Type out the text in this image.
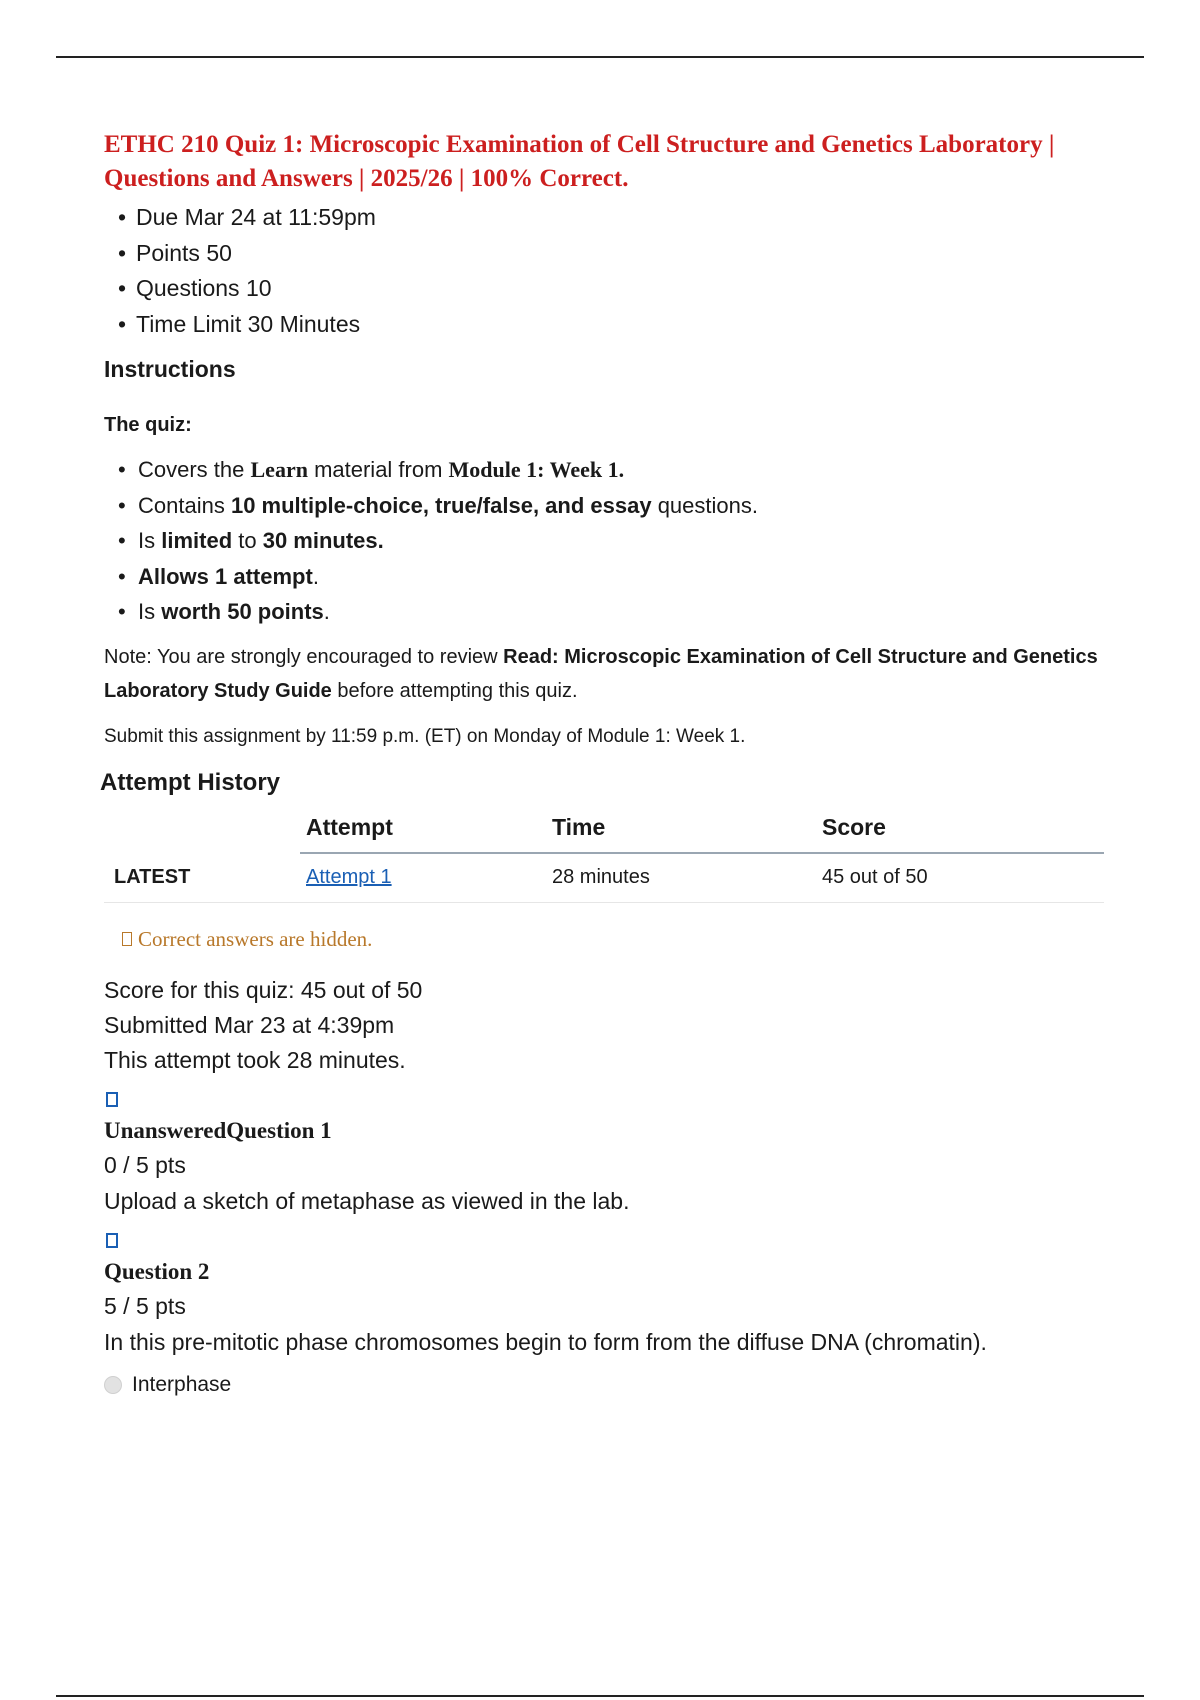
ETHC 210 Quiz 1: Microscopic Examination of Cell Structure and Genetics Laboratory | Questions and Answers | 2025/26 | 100% Correct.
• Due Mar 24 at 11:59pm
• Points 50
• Questions 10
• Time Limit 30 Minutes
Instructions
The quiz:
• Covers the Learn material from Module 1: Week 1.
• Contains 10 multiple-choice, true/false, and essay questions.
• Is limited to 30 minutes.
• Allows 1 attempt.
• Is worth 50 points.

Note: You are strongly encouraged to review Read: Microscopic Examination of Cell Structure and Genetics Laboratory Study Guide before attempting this quiz.

Submit this assignment by 11:59 p.m. (ET) on Monday of Module 1: Week 1.

Attempt History
	Attempt	Time	Score
LATEST	Attempt 1	28 minutes	45 out of 50
Correct answers are hidden.
Score for this quiz: 45 out of 50
Submitted Mar 23 at 4:39pm
This attempt took 28 minutes.
UnansweredQuestion 1
0 / 5 pts
Upload a sketch of metaphase as viewed in the lab.
Question 2
5 / 5 pts
In this pre-mitotic phase chromosomes begin to form from the diffuse DNA (chromatin).
Interphase
